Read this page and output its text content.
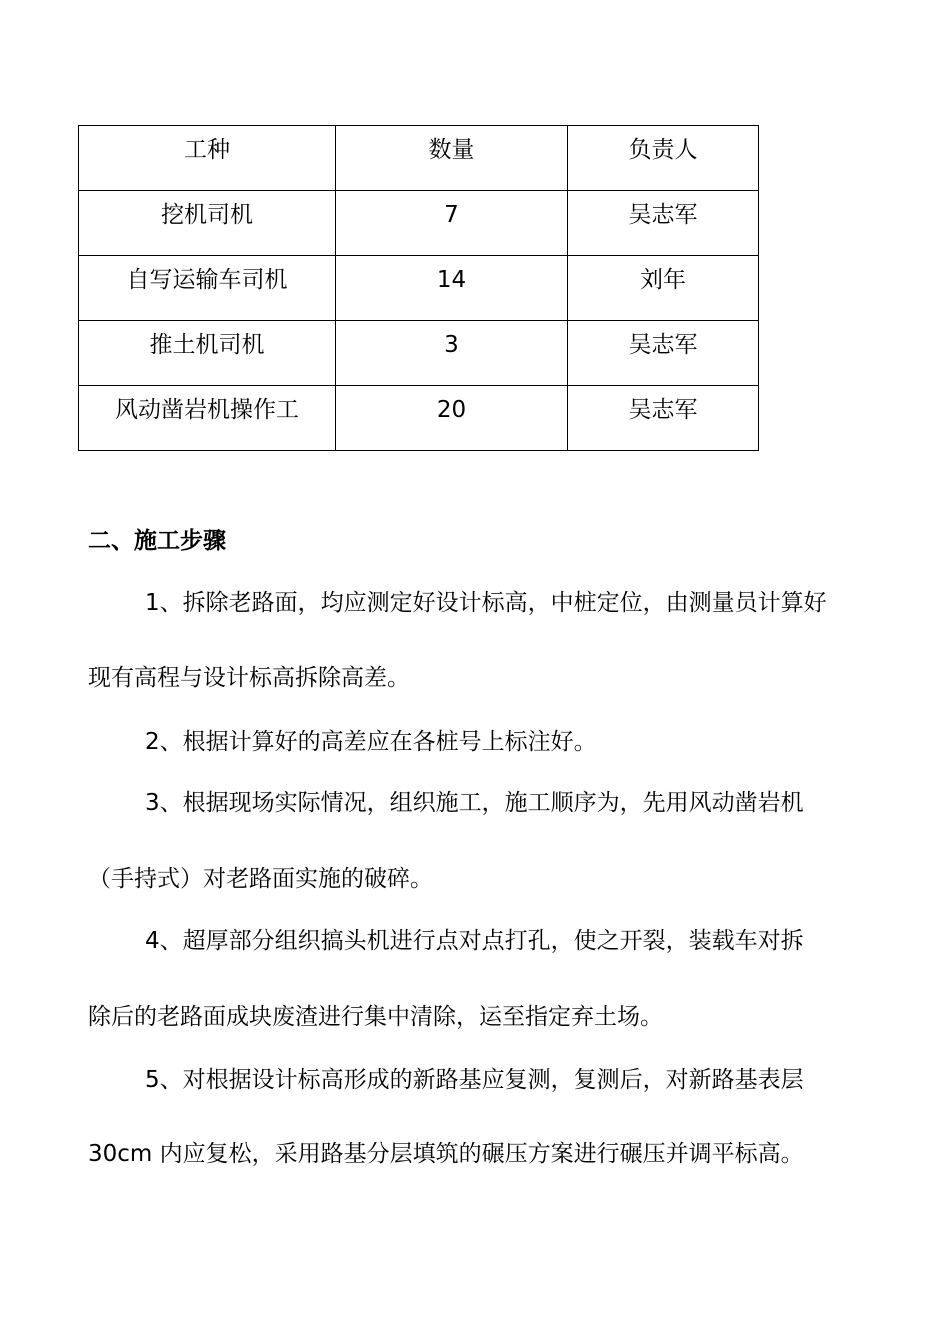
工种	数量	负责人

挖机司机	7	吴志军

自写运输车司机	14	刘年

推土机司机	3	吴志军

风动凿岩机操作工	20	吴志军
二、施工步骤

1、拆除老路面，均应测定好设计标高，中桩定位，由测量员计算好

现有高程与设计标高拆除高差。

2、根据计算好的高差应在各桩号上标注好。

3、根据现场实际情况，组织施工，施工顺序为，先用风动凿岩机

（手持式）对老路面实施的破碎。

4、超厚部分组织搞头机进行点对点打孔，使之开裂，装载车对拆

除后的老路面成块废渣进行集中清除，运至指定弃土场。

5、对根据设计标高形成的新路基应复测，复测后，对新路基表层

30cm 内应复松，采用路基分层填筑的碾压方案进行碾压并调平标高。
